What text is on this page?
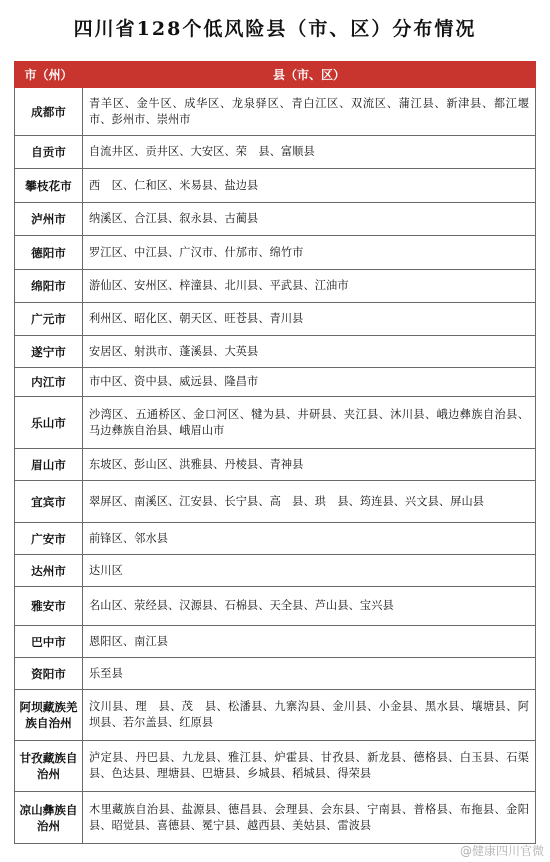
四川省128个低风险县（市、区）分布情况
市（州）	县（市、区）
成都市	青羊区、金牛区、成华区、龙泉驿区、青白江区、双流区、蒲江县、新津县、都江堰市、彭州市、崇州市
自贡市	自流井区、贡井区、大安区、荣　县、富顺县
攀枝花市	西　区、仁和区、米易县、盐边县
泸州市	纳溪区、合江县、叙永县、古蔺县
德阳市	罗江区、中江县、广汉市、什邡市、绵竹市
绵阳市	游仙区、安州区、梓潼县、北川县、平武县、江油市
广元市	利州区、昭化区、朝天区、旺苍县、青川县
遂宁市	安居区、射洪市、蓬溪县、大英县
内江市	市中区、资中县、威远县、隆昌市
乐山市	沙湾区、五通桥区、金口河区、犍为县、井研县、夹江县、沐川县、峨边彝族自治县、马边彝族自治县、峨眉山市
眉山市	东坡区、彭山区、洪雅县、丹棱县、青神县
宜宾市	翠屏区、南溪区、江安县、长宁县、高　县、珙　县、筠连县、兴文县、屏山县
广安市	前锋区、邻水县
达州市	达川区
雅安市	名山区、荥经县、汉源县、石棉县、天全县、芦山县、宝兴县
巴中市	恩阳区、南江县
资阳市	乐至县
阿坝藏族羌族自治州	汶川县、理　县、茂　县、松潘县、九寨沟县、金川县、小金县、黑水县、壤塘县、阿坝县、若尔盖县、红原县
甘孜藏族自治州	泸定县、丹巴县、九龙县、雅江县、炉霍县、甘孜县、新龙县、德格县、白玉县、石渠县、色达县、理塘县、巴塘县、乡城县、稻城县、得荣县
凉山彝族自治州	木里藏族自治县、盐源县、德昌县、会理县、会东县、宁南县、普格县、布拖县、金阳县、昭觉县、喜德县、冕宁县、越西县、美姑县、雷波县
@健康四川官微
